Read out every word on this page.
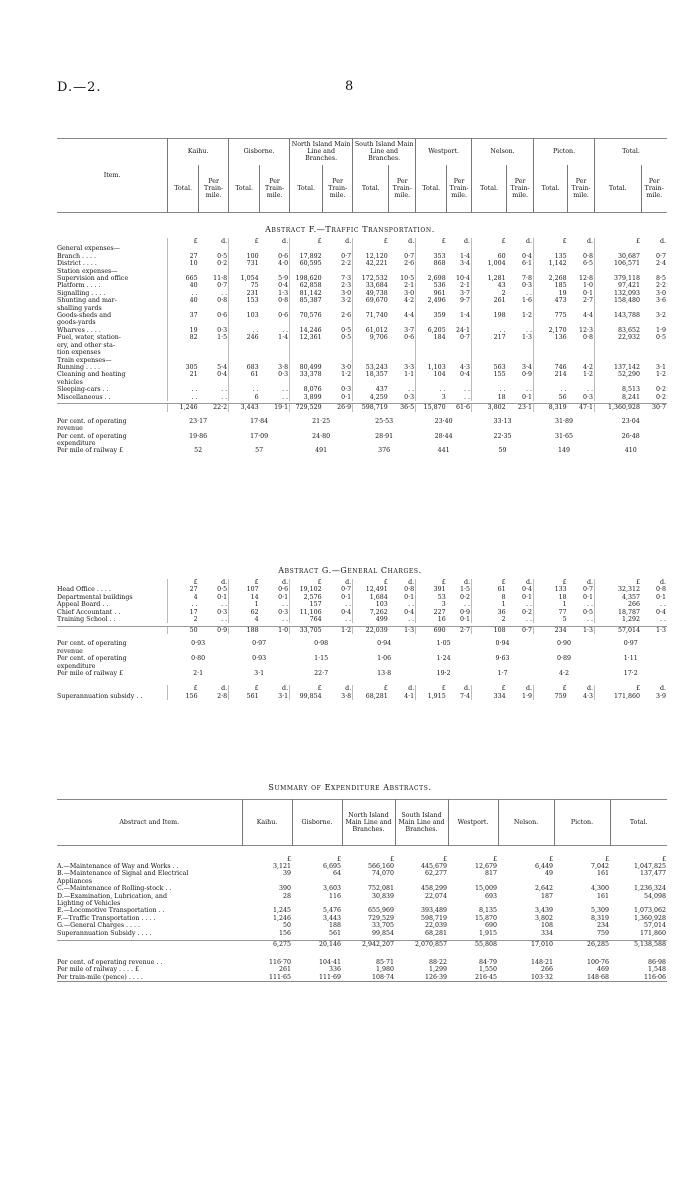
D.—2.	8
Item.	Kaihu.		Gisborne.		North Island Main Line and Branches.		South Island Main Line and Branches.		Westport.		Nelson.		Picton.		Total.	
	Total.	Per Train-mile.	Total.	Per Train-mile.	Total.	Per Train-mile.	Total.	Per Train-mile.	Total.	Per Train-mile.	Total.	Per Train-mile.	Total.	Per Train-mile.	Total.	Per Train-mile.
Abstract F.—Traffic Transportation.
	£	d.	£	d.	£	d.	£	d.	£	d.	£	d.	£	d.	£	d.
General expenses—																
Branch . . . .	27	0·5	100	0·6	17,892	0·7	12,120	0·7	353	1·4	60	0·4	135	0·8	30,687	0·7
District . . . .	10	0·2	731	4·0	60,595	2·2	42,221	2·6	868	3·4	1,004	6·1	1,142	6·5	106,571	2·4
Station expenses—																
Supervision and office	665	11·8	1,054	5·9	198,620	7·3	172,532	10·5	2,698	10·4	1,281	7·8	2,268	12·8	379,118	8·5
Platform . . . .	40	0·7	75	0·4	62,858	2·3	33,684	2·1	536	2·1	43	0·3	185	1·0	97,421	2·2
Signalling . . . .	. .	. .	231	1·3	81,142	3·0	49,738	3·0	961	3·7	2	. .	19	0·1	132,093	3·0
Shunting and mar-	40	0·8	153	0·8	85,387	3·2	69,670	4·2	2,496	9·7	261	1·6	473	2·7	158,480	3·6
shalling yards																
Goods-sheds and	37	0·6	103	0·6	70,576	2·6	71,740	4·4	359	1·4	198	1·2	775	4·4	143,788	3·2
goods-yards																
Wharves . . . .	19	0·3	. .	. .	14,246	0·5	61,012	3·7	6,205	24·1	. .	. .	2,170	12·3	83,652	1·9
Fuel, water, station-	82	1·5	246	1·4	12,361	0·5	9,706	0·6	184	0·7	217	1·3	136	0·8	22,932	0·5
ery, and other sta-																
tion expenses																
Train expenses—																
Running . . . .	305	5·4	683	3·8	80,499	3·0	53,243	3·3	1,103	4·3	563	3·4	746	4·2	137,142	3·1
Cleaning and heating	21	0·4	61	0·3	33,378	1·2	18,357	1·1	104	0·4	155	0·9	214	1·2	52,290	1·2
vehicles																
Sleeping-cars . .	. .	. .	. .	. .	8,076	0·3	437	. .	. .	. .	. .	. .	. .	. .	8,513	0·2
Miscellaneous . .	. .	. .	6	. .	3,899	0·1	4,259	0·3	3	. .	18	0·1	56	0·3	8,241	0·2

	1,246	22·2	3,443	19·1	729,529	26·9	598,719	36·5	15,870	61·6	3,802	23·1	8,319	47·1	1,360,928	30·7

Per cent. of operating	23·17		17·84		21·25		25·53		23·40		33·13		31·89		23·04	
revenue																
Per cent. of operating	19·86		17·09		24·80		28·91		28·44		22·35		31·65		26·48	
expenditure																
Per mile of railway £	52		57		491		376		441		59		149		410	
Abstract G.—General Charges.
	£	d.	£	d.	£	d.	£	d.	£	d.	£	d.	£	d.	£	d.
Head Office . . . .	27	0·5	107	0·6	19,102	0·7	12,491	0·8	391	1·5	61	0·4	133	0·7	32,312	0·8
Departmental buildings	4	0·1	14	0·1	2,576	0·1	1,684	0·1	53	0·2	8	0·1	18	0·1	4,357	0·1
Appeal Board . .	. .	. .	1	. .	157	. .	103	. .	3	. .	1	. .	1	. .	266	. .
Chief Accountant . .	17	0·3	62	0·3	11,106	0·4	7,262	0·4	227	0·9	36	0·2	77	0·5	18,787	0·4
Training School . .	2	. .	4	. .	764	. .	499	. .	16	0·1	2	. .	5	. .	1,292	. .

	50	0·9	188	1·0	33,705	1·2	22,039	1·3	690	2·7	108	0·7	234	1·3	57,014	1·3

Per cent. of operating	0·93		0·97		0·98		0·94		1·05		0·94		0·90		0·97	
revenue																
Per cent. of operating	0·80		0·93		1·15		1·06		1·24		9·63		0·89		1·11	
expenditure																
Per mile of railway £	2·1		3·1		22·7		13·8		19·2		1·7		4·2		17·2	

	£	d.	£	d.	£	d.	£	d.	£	d.	£	d.	£	d.	£	d.
Superannuation subsidy . .	156	2·8	561	3·1	99,854	3·8	68,281	4·1	1,915	7·4	334	1·9	759	4·3	171,860	3·9
Summary of Expenditure Abstracts.
Abstract and Item.	Kaihu.	Gisborne.	North Island Main Line and Branches.	South Island Main Line and Branches.	Westport.	Nelson.	Picton.	Total.

	£	£	£	£	£	£	£	£
A.—Maintenance of Way and Works . .	3,121	6,695	566,160	445,679	12,679	6,449	7,042	1,047,825
B.—Maintenance of Signal and Electrical	39	64	74,070	62,277	817	49	161	137,477
Appliances								
C.—Maintenance of Rolling-stock . .	390	3,603	752,081	458,299	15,009	2,642	4,300	1,236,324
D.—Examination, Lubrication, and	28	116	30,839	22,074	693	187	161	54,098
Lighting of Vehicles								
E.—Locomotive Transportation . .	1,245	5,476	655,969	393,489	8,135	3,439	5,309	1,073,062
F.—Traffic Transportation . . . .	1,246	3,443	729,529	598,719	15,870	3,802	8,319	1,360,928
G.—General Charges . . . .	50	188	33,705	22,039	690	108	234	57,014
Superannuation Subsidy . . . .	156	561	99,854	68,281	1,915	334	759	171,860

	6,275	20,146	2,942,207	2,070,857	55,808	17,010	26,285	5,138,588

Per cent. of operating revenue . .	116·70	104·41	85·71	88·22	84·79	148·21	100·76	86·98
Per mile of railway . . . . £	261	336	1,980	1,299	1,550	266	469	1,548
Per train-mile (pence) . . . .	111·65	111·69	108·74	126·39	216·45	103·32	148·68	116·06
